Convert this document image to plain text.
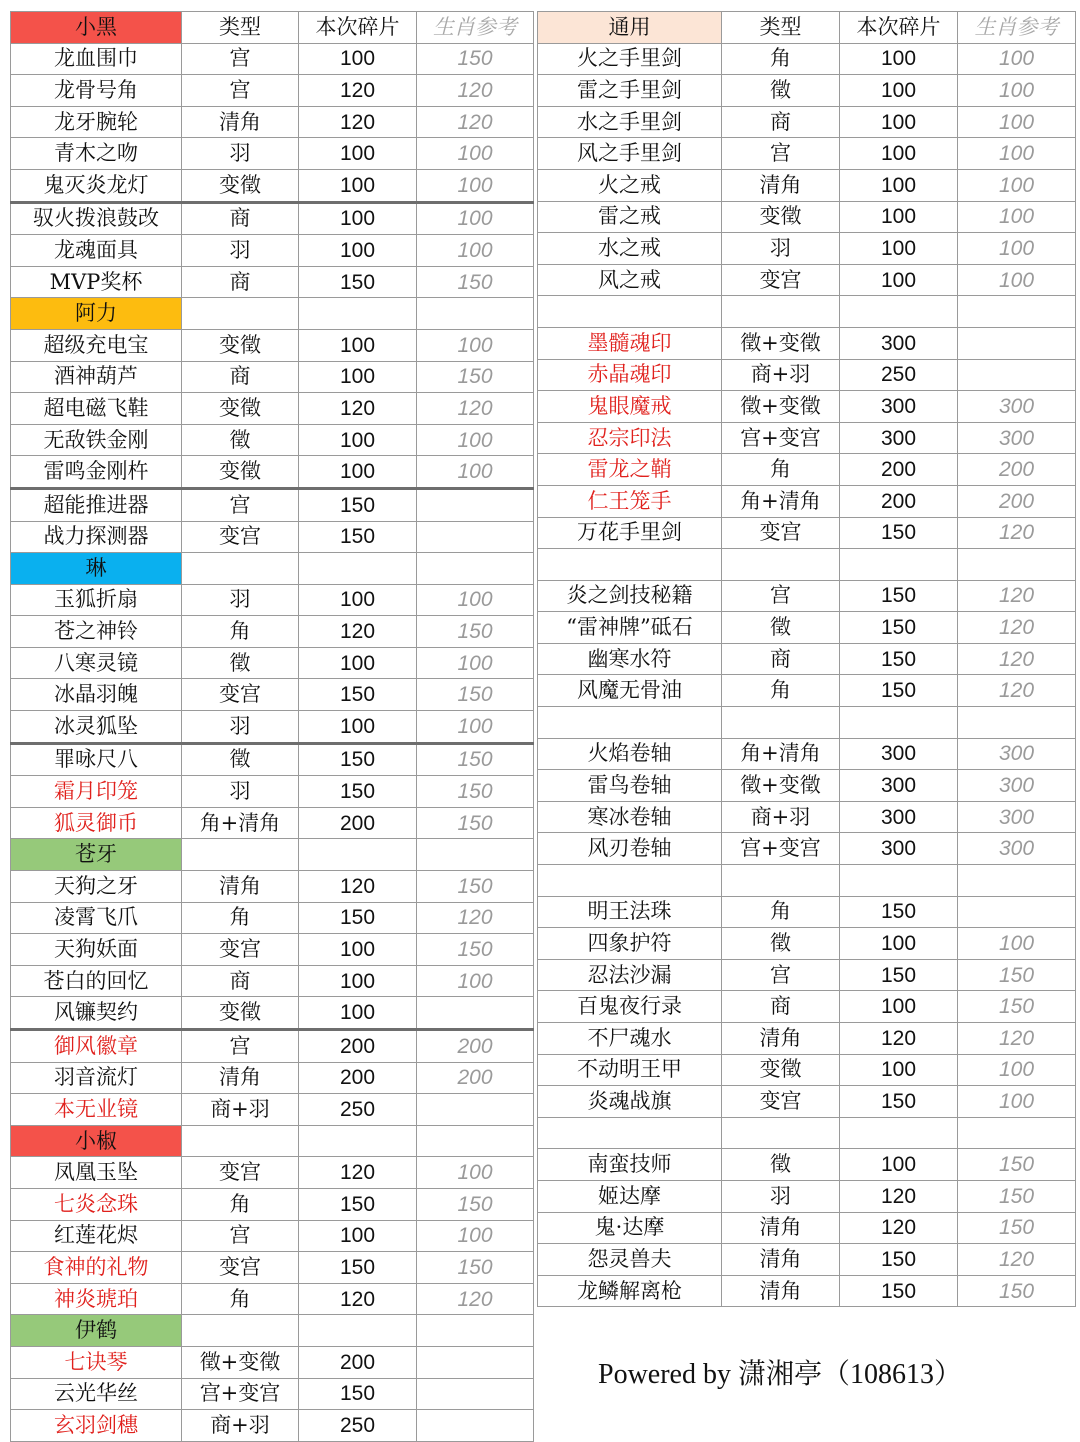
小黑	类型	本次碎片	生肖参考
龙血围巾	宫	100	150
龙骨号角	宫	120	120
龙牙腕轮	清角	120	120
青木之吻	羽	100	100
鬼灭炎龙灯	变徵	100	100
驭火拨浪鼓改	商	100	100
龙魂面具	羽	100	100
MVP奖杯	商	150	150
阿力			
超级充电宝	变徵	100	100
酒神葫芦	商	100	150
超电磁飞鞋	变徵	120	120
无敌铁金刚	徵	100	100
雷鸣金刚杵	变徵	100	100
超能推进器	宫	150	
战力探测器	变宫	150	
琳			
玉狐折扇	羽	100	100
苍之神铃	角	120	150
八寒灵镜	徵	100	100
冰晶羽魄	变宫	150	150
冰灵狐坠	羽	100	100
罪咏尺八	徵	150	150
霜月印笼	羽	150	150
狐灵御币	角+清角	200	150
苍牙			
天狗之牙	清角	120	150
凌霄飞爪	角	150	120
天狗妖面	变宫	100	150
苍白的回忆	商	100	100
风镰契约	变徵	100	
御风徽章	宫	200	200
羽音流灯	清角	200	200
本无业镜	商+羽	250	
小椒			
凤凰玉坠	变宫	120	100
七炎念珠	角	150	150
红莲花烬	宫	100	100
食神的礼物	变宫	150	150
神炎琥珀	角	120	120
伊鹤			
七诀琴	徵+变徵	200	
云光华丝	宫+变宫	150	
玄羽剑穗	商+羽	250	
通用	类型	本次碎片	生肖参考
火之手里剑	角	100	100
雷之手里剑	徵	100	100
水之手里剑	商	100	100
风之手里剑	宫	100	100
火之戒	清角	100	100
雷之戒	变徵	100	100
水之戒	羽	100	100
风之戒	变宫	100	100

墨髓魂印	徵+变徵	300	
赤晶魂印	商+羽	250	
鬼眼魔戒	徵+变徵	300	300
忍宗印法	宫+变宫	300	300
雷龙之鞘	角	200	200
仁王笼手	角+清角	200	200
万花手里剑	变宫	150	120

炎之剑技秘籍	宫	150	120
“雷神牌”砥石	徵	150	120
幽寒水符	商	150	120
风魔无骨油	角	150	120

火焰卷轴	角+清角	300	300
雷鸟卷轴	徵+变徵	300	300
寒冰卷轴	商+羽	300	300
风刃卷轴	宫+变宫	300	300

明王法珠	角	150	
四象护符	徵	100	100
忍法沙漏	宫	150	150
百鬼夜行录	商	100	150
不尸魂水	清角	120	120
不动明王甲	变徵	100	100
炎魂战旗	变宫	150	100

南蛮技师	徵	100	150
姬达摩	羽	120	150
鬼·达摩	清角	120	150
怨灵兽夫	清角	150	120
龙鳞解离枪	清角	150	150
Powered by 潇湘亭（108613）
